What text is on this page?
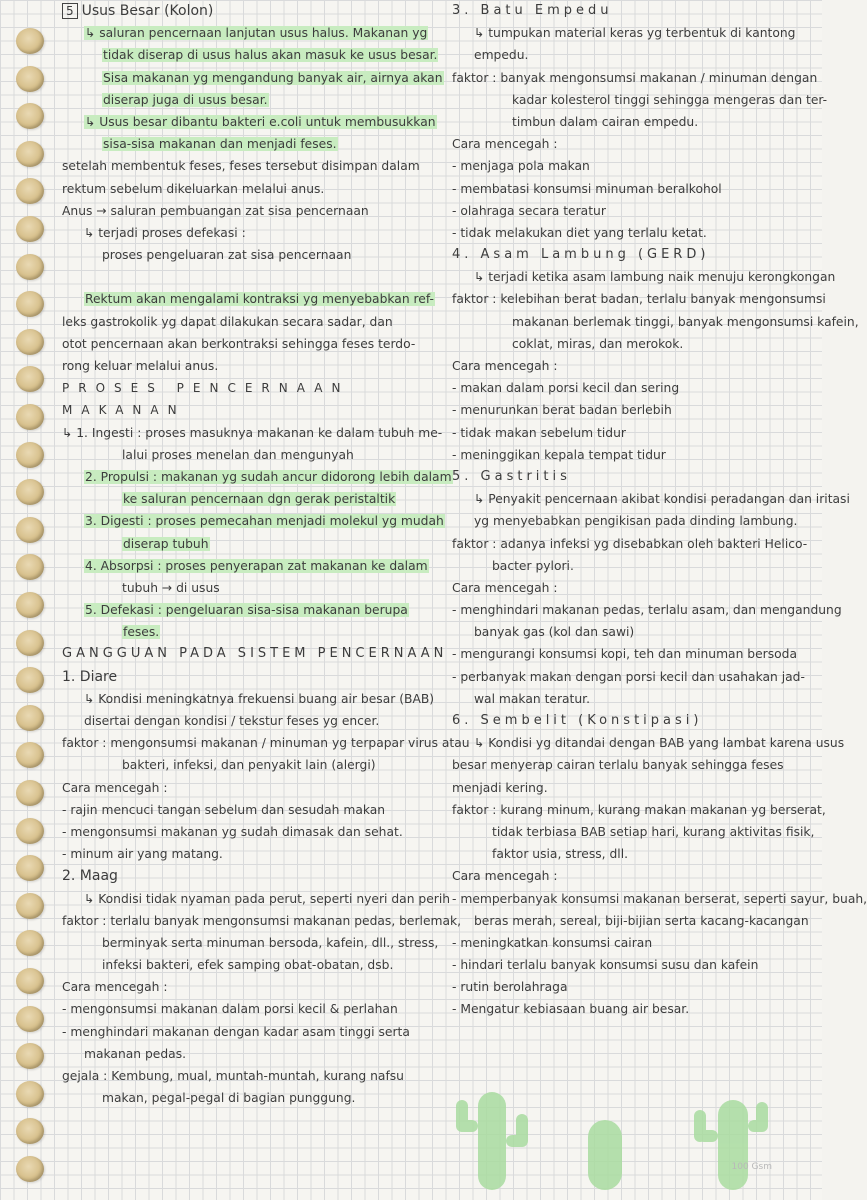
5 Usus Besar (Kolon)
↳ saluran pencernaan lanjutan usus halus. Makanan yg
tidak diserap di usus halus akan masuk ke usus besar.
Sisa makanan yg mengandung banyak air, airnya akan
diserap juga di usus besar.
↳ Usus besar dibantu bakteri e.coli untuk membusukkan
sisa-sisa makanan dan menjadi feses.
setelah membentuk feses, feses tersebut disimpan dalam
rektum sebelum dikeluarkan melalui anus.
Anus → saluran pembuangan zat sisa pencernaan
↳ terjadi proses defekasi :
proses pengeluaran zat sisa pencernaan
Rektum akan mengalami kontraksi yg menyebabkan ref-
leks gastrokolik yg dapat dilakukan secara sadar, dan
otot pencernaan akan berkontraksi sehingga feses terdo-
rong keluar melalui anus.
PROSES PENCERNAAN
MAKANAN
↳ 1. Ingesti : proses masuknya makanan ke dalam tubuh me-
lalui proses menelan dan mengunyah
2. Propulsi : makanan yg sudah ancur didorong lebih dalam
ke saluran pencernaan dgn gerak peristaltik
3. Digesti : proses pemecahan menjadi molekul yg mudah
diserap tubuh
4. Absorpsi : proses penyerapan zat makanan ke dalam
tubuh → di usus
5. Defekasi : pengeluaran sisa-sisa makanan berupa
feses.
GANGGUAN PADA SISTEM PENCERNAAN
1. Diare
↳ Kondisi meningkatnya frekuensi buang air besar (BAB)
disertai dengan kondisi / tekstur feses yg encer.
faktor : mengonsumsi makanan / minuman yg terpapar virus atau
bakteri, infeksi, dan penyakit lain (alergi)
Cara mencegah :
- rajin mencuci tangan sebelum dan sesudah makan
- mengonsumsi makanan yg sudah dimasak dan sehat.
- minum air yang matang.
2. Maag
↳ Kondisi tidak nyaman pada perut, seperti nyeri dan perih
faktor : terlalu banyak mengonsumsi makanan pedas, berlemak,
berminyak serta minuman bersoda, kafein, dll., stress,
infeksi bakteri, efek samping obat-obatan, dsb.
Cara mencegah :
- mengonsumsi makanan dalam porsi kecil & perlahan
- menghindari makanan dengan kadar asam tinggi serta
makanan pedas.
gejala : Kembung, mual, muntah-muntah, kurang nafsu
makan, pegal-pegal di bagian punggung.
3. Batu Empedu
↳ tumpukan material keras yg terbentuk di kantong
empedu.
faktor : banyak mengonsumsi makanan / minuman dengan
kadar kolesterol tinggi sehingga mengeras dan ter-
timbun dalam cairan empedu.
Cara mencegah :
- menjaga pola makan
- membatasi konsumsi minuman beralkohol
- olahraga secara teratur
- tidak melakukan diet yang terlalu ketat.
4. Asam Lambung (GERD)
↳ terjadi ketika asam lambung naik menuju kerongkongan
faktor : kelebihan berat badan, terlalu banyak mengonsumsi
makanan berlemak tinggi, banyak mengonsumsi kafein,
coklat, miras, dan merokok.
Cara mencegah :
- makan dalam porsi kecil dan sering
- menurunkan berat badan berlebih
- tidak makan sebelum tidur
- meninggikan kepala tempat tidur
5. Gastritis
↳ Penyakit pencernaan akibat kondisi peradangan dan iritasi
yg menyebabkan pengikisan pada dinding lambung.
faktor : adanya infeksi yg disebabkan oleh bakteri Helico-
bacter pylori.
Cara mencegah :
- menghindari makanan pedas, terlalu asam, dan mengandung
banyak gas (kol dan sawi)
- mengurangi konsumsi kopi, teh dan minuman bersoda
- perbanyak makan dengan porsi kecil dan usahakan jad-
wal makan teratur.
6. Sembelit (Konstipasi)
↳ Kondisi yg ditandai dengan BAB yang lambat karena usus
besar menyerap cairan terlalu banyak sehingga feses
menjadi kering.
faktor : kurang minum, kurang makan makanan yg berserat,
tidak terbiasa BAB setiap hari, kurang aktivitas fisik,
faktor usia, stress, dll.
Cara mencegah :
- memperbanyak konsumsi makanan berserat, seperti sayur, buah,
beras merah, sereal, biji-bijian serta kacang-kacangan
- meningkatkan konsumsi cairan
- hindari terlalu banyak konsumsi susu dan kafein
- rutin berolahraga
- Mengatur kebiasaan buang air besar.
100 Gsm
